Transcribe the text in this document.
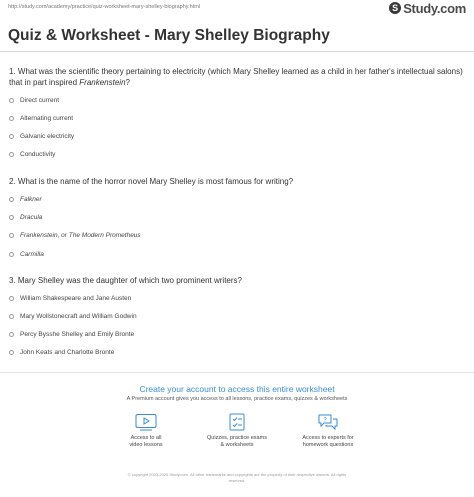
http://study.com/academy/practice/quiz-worksheet-mary-shelley-biography.html	S Study.com
Quiz & Worksheet - Mary Shelley Biography
1. What was the scientific theory pertaining to electricity (which Mary Shelley learned as a child in her father's intellectual salons) that in part inspired Frankenstein?
Direct current
Alternating current
Galvanic electricity
Conductivity
2. What is the name of the horror novel Mary Shelley is most famous for writing?
Falkner
Dracula
Frankenstein, or The Modern Prometheus
Carmilla
3. Mary Shelley was the daughter of which two prominent writers?
William Shakespeare and Jane Austen
Mary Wollstonecraft and William Godwin
Percy Bysshe Shelley and Emily Bronte
John Keats and Charlotte Bronte
Create your account to access this entire worksheet
A Premium account gives you access to all lessons, practice exams, quizzes & worksheets
Access to all
video lessons
Quizzes, practice exams
& worksheets
?
Access to experts for
homework questions
© copyright 2003-2020 Study.com. All other trademarks and copyrights are the property of their respective owners. All rights
reserved.
